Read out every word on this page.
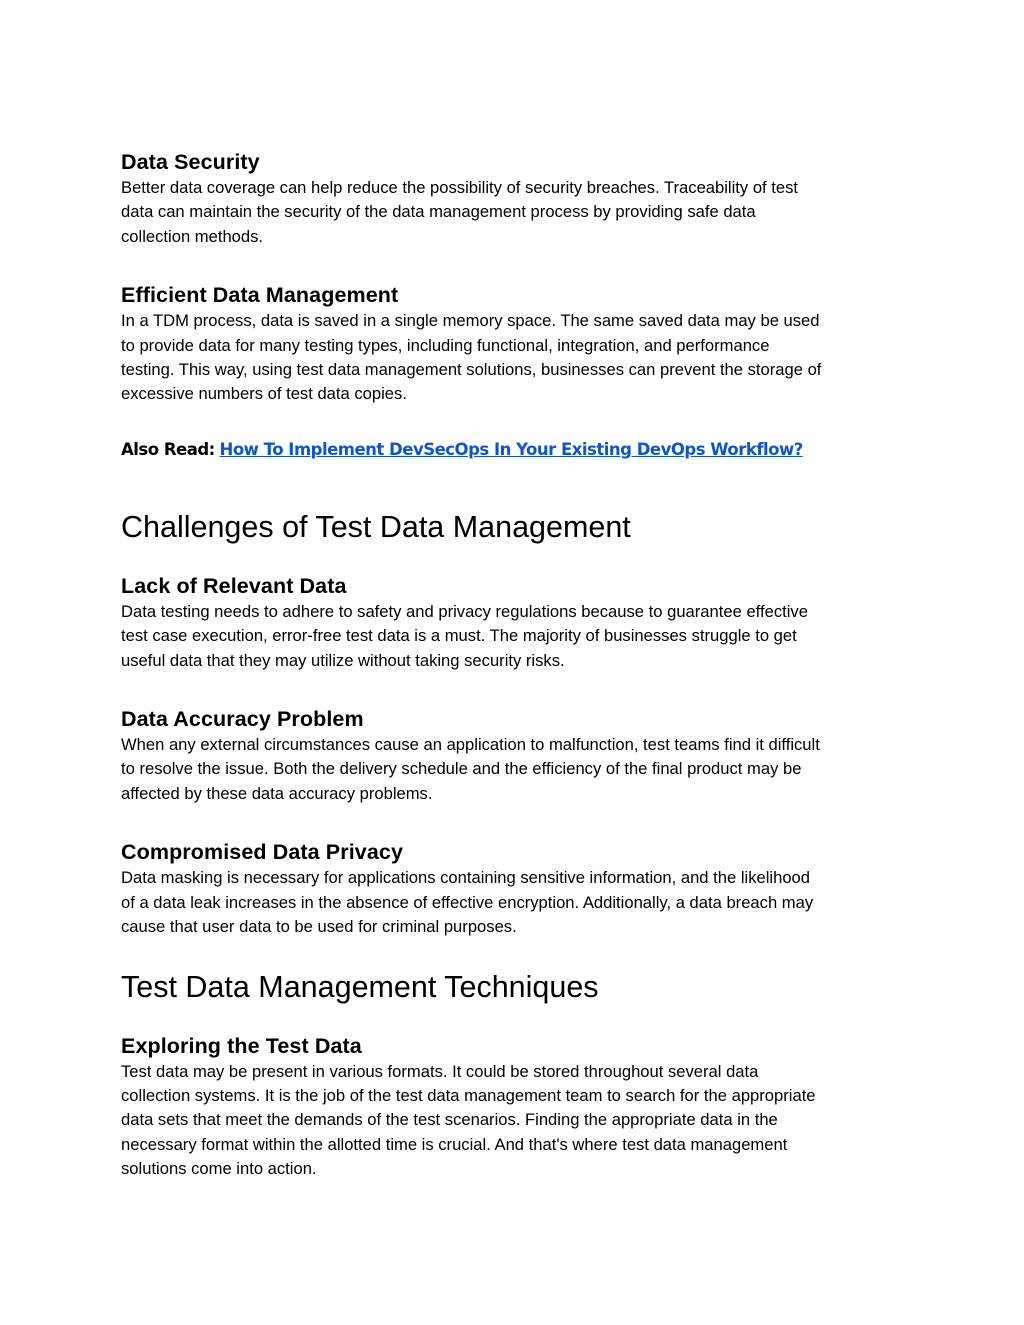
Data Security

Better data coverage can help reduce the possibility of security breaches. Traceability of test
data can maintain the security of the data management process by providing safe data
collection methods.

Efficient Data Management

In a TDM process, data is saved in a single memory space. The same saved data may be used
to provide data for many testing types, including functional, integration, and performance
testing. This way, using test data management solutions, businesses can prevent the storage of
excessive numbers of test data copies.

Also Read: How To Implement DevSecOps In Your Existing DevOps Workflow?

Challenges of Test Data Management
Lack of Relevant Data

Data testing needs to adhere to safety and privacy regulations because to guarantee effective
test case execution, error-free test data is a must. The majority of businesses struggle to get
useful data that they may utilize without taking security risks.

Data Accuracy Problem

When any external circumstances cause an application to malfunction, test teams find it difficult
to resolve the issue. Both the delivery schedule and the efficiency of the final product may be
affected by these data accuracy problems.

Compromised Data Privacy

Data masking is necessary for applications containing sensitive information, and the likelihood
of a data leak increases in the absence of effective encryption. Additionally, a data breach may
cause that user data to be used for criminal purposes.

Test Data Management Techniques
Exploring the Test Data

Test data may be present in various formats. It could be stored throughout several data
collection systems. It is the job of the test data management team to search for the appropriate
data sets that meet the demands of the test scenarios. Finding the appropriate data in the
necessary format within the allotted time is crucial. And that's where test data management
solutions come into action.
